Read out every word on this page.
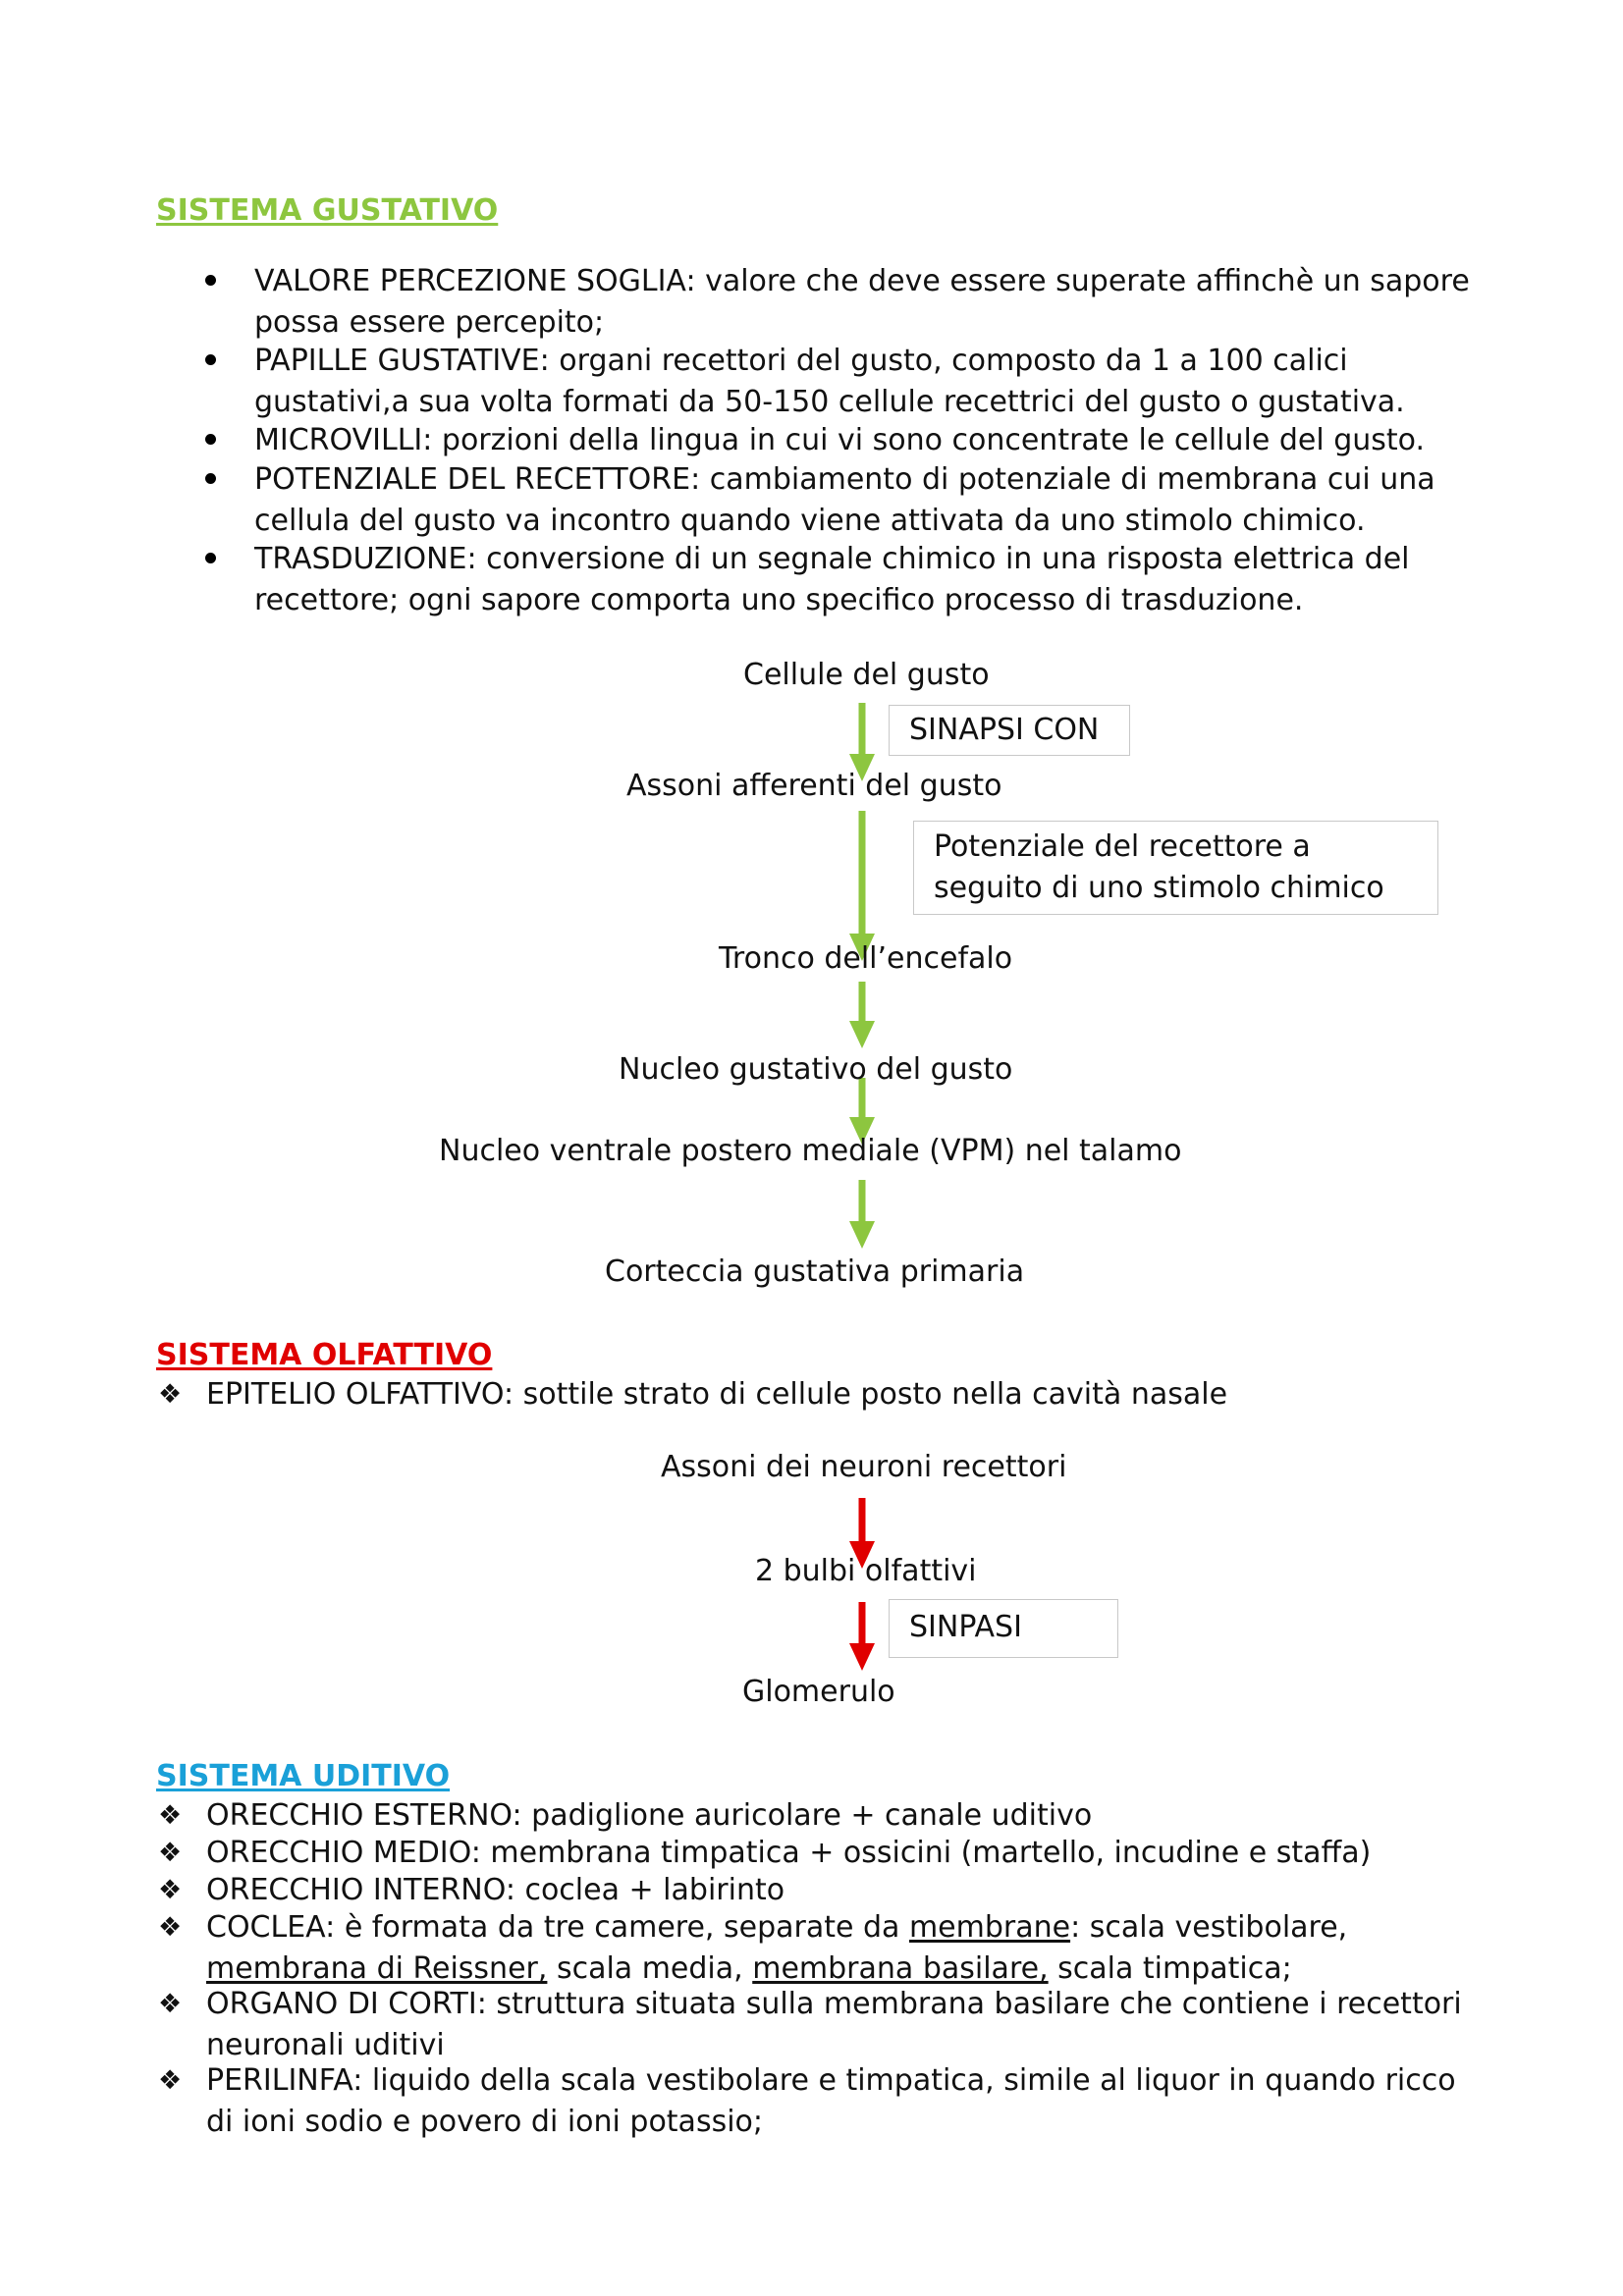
SISTEMA GUSTATIVO
VALORE PERCEZIONE SOGLIA: valore che deve essere superate affinchè un sapore possa essere percepito;
PAPILLE GUSTATIVE: organi recettori del gusto, composto da 1 a 100 calici gustativi,a sua volta formati da 50-150 cellule recettrici del gusto o gustativa.
MICROVILLI: porzioni della lingua in cui vi sono concentrate le cellule del gusto.
POTENZIALE DEL RECETTORE: cambiamento di potenziale di membrana cui una cellula del gusto va incontro quando viene attivata da uno stimolo chimico.
TRASDUZIONE: conversione di un segnale chimico in una risposta elettrica del recettore; ogni sapore comporta uno specifico processo di trasduzione.
Cellule del gusto
SINAPSI CON
Assoni afferenti del gusto
Potenziale del recettore a
seguito di uno stimolo chimico
Tronco dell’encefalo
Nucleo gustativo del gusto
Nucleo ventrale postero mediale (VPM) nel talamo
Corteccia gustativa primaria
SISTEMA OLFATTIVO
❖ EPITELIO OLFATTIVO: sottile strato di cellule posto nella cavità nasale
Assoni dei neuroni recettori
2 bulbi olfattivi
SINPASI
Glomerulo
SISTEMA UDITIVO
❖ ORECCHIO ESTERNO: padiglione auricolare + canale uditivo
❖ ORECCHIO MEDIO: membrana timpatica + ossicini (martello, incudine e staffa)
❖ ORECCHIO INTERNO: coclea + labirinto
❖ COCLEA: è formata da tre camere, separate da membrane: scala vestibolare,
membrana di Reissner, scala media, membrana basilare, scala timpatica;
❖ ORGANO DI CORTI: struttura situata sulla membrana basilare che contiene i recettori neuronali uditivi
❖ PERILINFA: liquido della scala vestibolare e timpatica, simile al liquor in quando ricco di ioni sodio e povero di ioni potassio;
